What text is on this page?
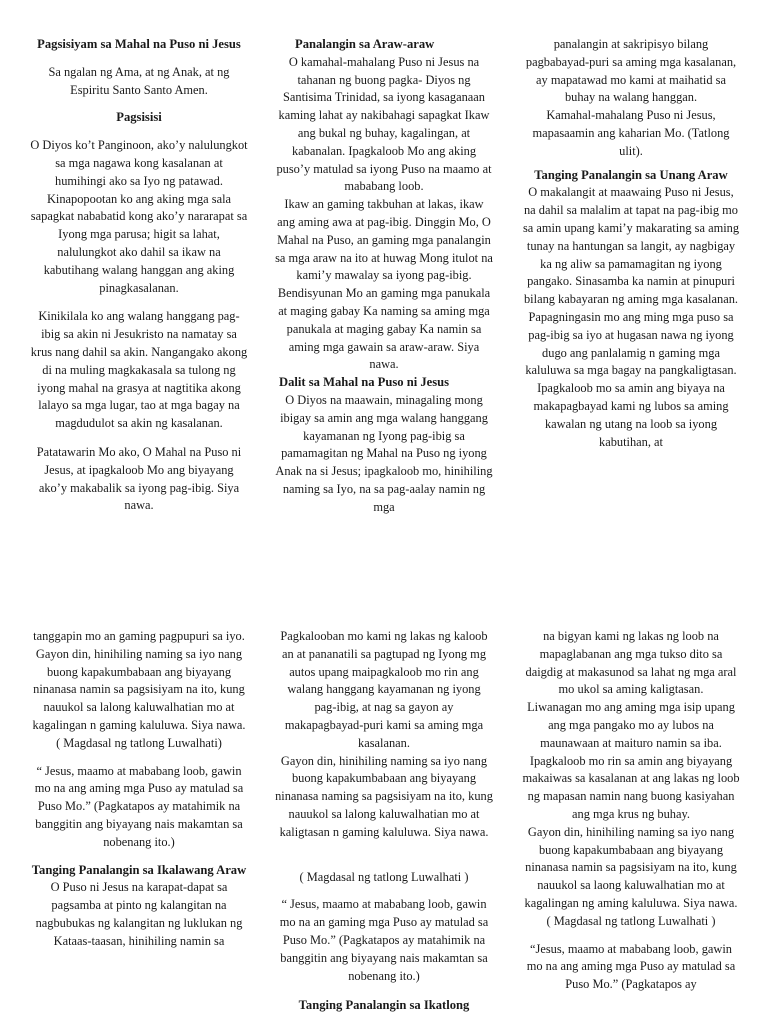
Pagsisiyam sa Mahal na Puso ni Jesus

Sa ngalan ng Ama, at ng Anak, at ng Espiritu Santo Santo Amen.

Pagsisisi

O Diyos ko’t Panginoon, ako’y nalulungkot sa mga nagawa kong kasalanan at humihingi ako sa Iyo ng patawad. Kinapopootan ko ang aking mga sala sapagkat nababatid kong ako’y nararapat sa Iyong mga parusa; higit sa lahat, nalulungkot ako dahil sa ikaw na kabutihang walang hanggan ang aking pinagkasalanan.

Kinikilala ko ang walang hanggang pag-ibig sa akin ni Jesukristo na namatay sa krus nang dahil sa akin. Nangangako akong di na muling magkakasala sa tulong ng iyong mahal na grasya at nagtitika akong lalayo sa mga lugar, tao at mga bagay na magdudulot sa akin ng kasalanan.

Patatawarin Mo ako, O Mahal na Puso ni Jesus, at ipagkaloob Mo ang biyayang ako’y makabalik sa iyong pag-ibig. Siya nawa.

Panalangin sa Araw-araw

O kamahal-mahalang Puso ni Jesus na tahanan ng buong pagka- Diyos ng Santisima Trinidad, sa iyong kasaganaan kaming lahat ay nakibahagi sapagkat Ikaw ang bukal ng buhay, kagalingan, at kabanalan. Ipagkaloob Mo ang aking puso’y matulad sa iyong Puso na maamo at mababang loob.

Ikaw an gaming takbuhan at lakas, ikaw ang aming awa at pag-ibig. Dinggin Mo, O Mahal na Puso, an gaming mga panalangin sa mga araw na ito at huwag Mong itulot na kami’y mawalay sa iyong pag-ibig.

Bendisyunan Mo an gaming mga panukala at maging gabay Ka naming sa aming mga panukala at maging gabay Ka namin sa aming mga gawain sa araw-araw. Siya nawa.

Dalit sa Mahal na Puso ni Jesus

O Diyos na maawain, minagaling mong ibigay sa amin ang mga walang hanggang kayamanan ng Iyong pag-ibig sa pamamagitan ng Mahal na Puso ng iyong Anak na si Jesus; ipagkaloob mo, hinihiling naming sa Iyo, na sa pag-aalay namin ng mga

panalangin at sakripisyo bilang pagbabayad-puri sa aming mga kasalanan, ay mapatawad mo kami at maihatid sa buhay na walang hanggan.

Kamahal-mahalang Puso ni Jesus, mapasaamin ang kaharian Mo. (Tatlong ulit).

Tanging Panalangin sa Unang Araw

O makalangit at maawaing Puso ni Jesus, na dahil sa malalim at tapat na pag-ibig mo sa amin upang kami’y makarating sa aming tunay na hantungan sa langit, ay nagbigay ka ng aliw sa pamamagitan ng iyong pangako. Sinasamba ka namin at pinupuri bilang kabayaran ng aming mga kasalanan.

Papagningasin mo ang ming mga puso sa pag-ibig sa iyo at hugasan nawa ng iyong dugo ang panlalamig n gaming mga kaluluwa sa mga bagay na pangkaligtasan. Ipagkaloob mo sa amin ang biyaya na makapagbayad kami ng lubos sa aming kawalan ng utang na loob sa iyong kabutihan, at

tanggapin mo an gaming pagpupuri sa iyo.

Gayon din, hinihiling naming sa iyo nang buong kapakumbabaan ang biyayang ninanasa namin sa pagsisiyam na ito, kung nauukol sa lalong kaluwalhatian mo at kagalingan n gaming kaluluwa. Siya nawa.

( Magdasal ng tatlong Luwalhati)

“ Jesus, maamo at mababang loob, gawin mo na ang aming mga Puso ay matulad sa Puso Mo.” (Pagkatapos ay matahimik na banggitin ang biyayang nais makamtan sa nobenang ito.)

Tanging Panalangin sa Ikalawang Araw

O Puso ni Jesus na karapat-dapat sa pagsamba at pinto ng kalangitan na nagbubukas ng kalangitan ng luklukan ng Kataas-taasan, hinihiling namin sa

Pagkalooban mo kami ng lakas ng kaloob an at pananatili sa pagtupad ng Iyong mg autos upang maipagkaloob mo rin ang walang hanggang kayamanan ng iyong pag-ibig, at nag sa gayon ay makapagbayad-puri kami sa aming mga kasalanan.

Gayon din, hinihiling naming sa iyo nang buong kapakumbabaan ang biyayang ninanasa naming sa pagsisiyam na ito, kung nauukol sa lalong kaluwalhatian mo at kaligtasan n gaming kaluluwa. Siya nawa.

( Magdasal ng tatlong Luwalhati )

“ Jesus, maamo at mababang loob, gawin mo na an gaming mga Puso ay matulad sa Puso Mo.” (Pagkatapos ay matahimik na banggitin ang biyayang nais makamtan sa nobenang ito.)

Tanging Panalangin sa Ikatlong

na bigyan kami ng lakas ng loob na mapaglabanan ang mga tukso dito sa daigdig at makasunod sa lahat ng mga aral mo ukol sa aming kaligtasan.

Liwanagan mo ang aming mga isip upang ang mga pangako mo ay lubos na maunawaan at maituro namin sa iba. Ipagkaloob mo rin sa amin ang biyayang makaiwas sa kasalanan at ang lakas ng loob ng mapasan namin nang buong kasiyahan ang mga krus ng buhay.

Gayon din, hinihiling naming sa iyo nang buong kapakumbabaan ang biyayang ninanasa namin sa pagsisiyam na ito, kung nauukol sa laong kaluwalhatian mo at kagalingan ng aming kaluluwa. Siya nawa.

( Magdasal ng tatlong Luwalhati )

“Jesus, maamo at mababang loob, gawin mo na ang aming mga Puso ay matulad sa Puso Mo.” (Pagkatapos ay
